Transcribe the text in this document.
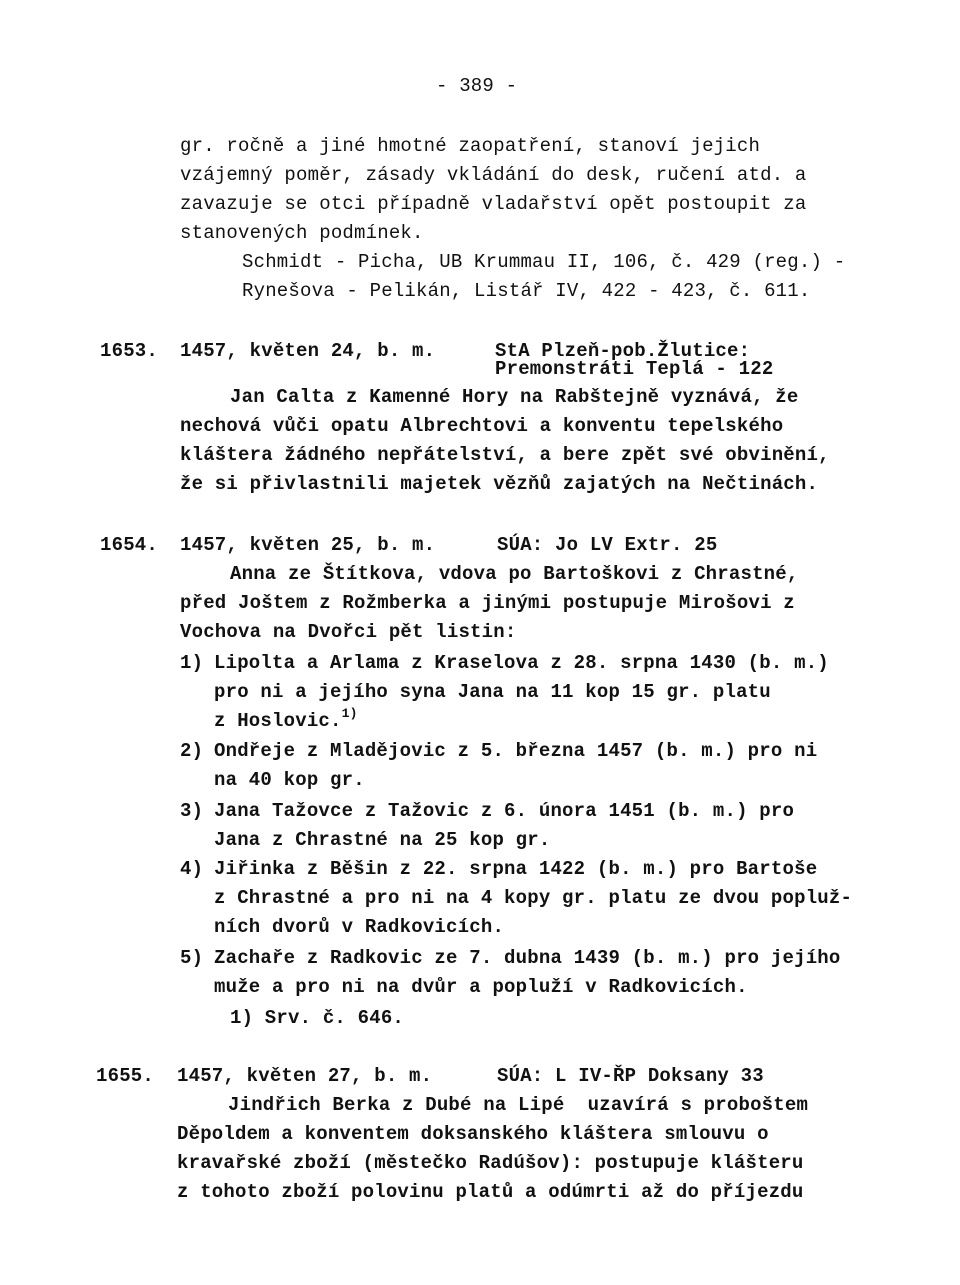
- 389 -
gr. ročně a jiné hmotné zaopatření, stanoví jejich
vzájemný poměr, zásady vkládání do desk, ručení atd. a
zavazuje se otci případně vladařství opět postoupit za
stanovených podmínek.
Schmidt - Picha, UB Krummau II, 106, č. 429 (reg.) -
Rynešova - Pelikán, Listář IV, 422 - 423, č. 611.
1653. 1457, květen 24, b. m.	StA Plzeň-pob.Žlutice:
Premonstráti Teplá - 122
Jan Calta z Kamenné Hory na Rabštejně vyznává, že
nechová vůči opatu Albrechtovi a konventu tepelského
kláštera žádného nepřátelství, a bere zpět své obvinění,
že si přivlastnili majetek vězňů zajatých na Nečtinách.
1654. 1457, květen 25, b. m.	SÚA: Jo LV Extr. 25
Anna ze Štítkova, vdova po Bartoškovi z Chrastné,
před Joštem z Rožmberka a jinými postupuje Mirošovi z
Vochova na Dvořci pět listin:
1) Lipolta a Arlama z Kraselova z 28. srpna 1430 (b. m.)
pro ni a jejího syna Jana na 11 kop 15 gr. platu
z Hoslovic.$^{1)}$
2) Ondřeje z Mladějovic z 5. března 1457 (b. m.) pro ni
na 40 kop gr.
3) Jana Tažovce z Tažovic z 6. února 1451 (b. m.) pro
Jana z Chrastné na 25 kop gr.
4) Jiřinka z Běšin z 22. srpna 1422 (b. m.) pro Bartoše
z Chrastné a pro ni na 4 kopy gr. platu ze dvou popluž-
ních dvorů v Radkovicích.
5) Zachaře z Radkovic ze 7. dubna 1439 (b. m.) pro jejího
muže a pro ni na dvůr a popluží v Radkovicích.
1) Srv. č. 646.
1655. 1457, květen 27, b. m.	SÚA: L IV-ŘP Doksany 33
Jindřich Berka z Dubé na Lipé  uzavírá s proboštem
Děpoldem a konventem doksanského kláštera smlouvu o
kravařské zboží (městečko Radúšov): postupuje klášteru
z tohoto zboží polovinu platů a odúmrti až do příjezdu
